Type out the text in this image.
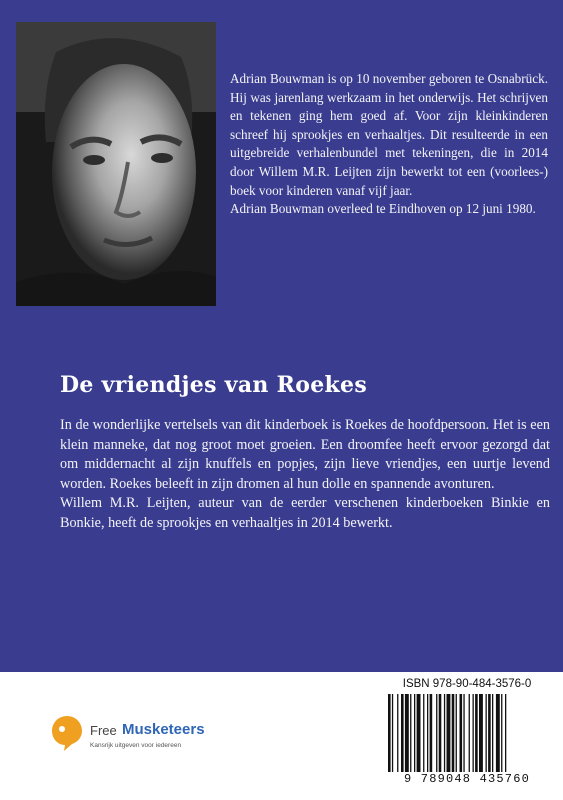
Adrian Bouwman is op 10 november geboren te Osnabrück. Hij was jarenlang werkzaam in het onderwijs. Het schrijven en tekenen ging hem goed af. Voor zijn kleinkinderen schreef hij sprookjes en verhaaltjes. Dit resulteerde in een uitgebreide verhalenbundel met tekeningen, die in 2014 door Willem M.R. Leijten zijn bewerkt tot een (voorlees-) boek voor kinderen vanaf vijf jaar.

Adrian Bouwman overleed te Eindhoven op 12 juni 1980.

De vriendjes van Roekes

In de wonderlijke vertelsels van dit kinderboek is Roekes de hoofdpersoon. Het is een klein manneke, dat nog groot moet groeien. Een droomfee heeft ervoor gezorgd dat om middernacht al zijn knuffels en popjes, zijn lieve vriendjes, een uurtje levend worden. Roekes beleeft in zijn dromen al hun dolle en spannende avonturen.

Willem M.R. Leijten, auteur van de eerder verschenen kinderboeken Binkie en Bonkie, heeft de sprookjes en verhaaltjes in 2014 bewerkt.

Free Musketeers
Kansrijk uitgeven voor iedereen
ISBN 978-90-484-3576-0
9 789048 435760
